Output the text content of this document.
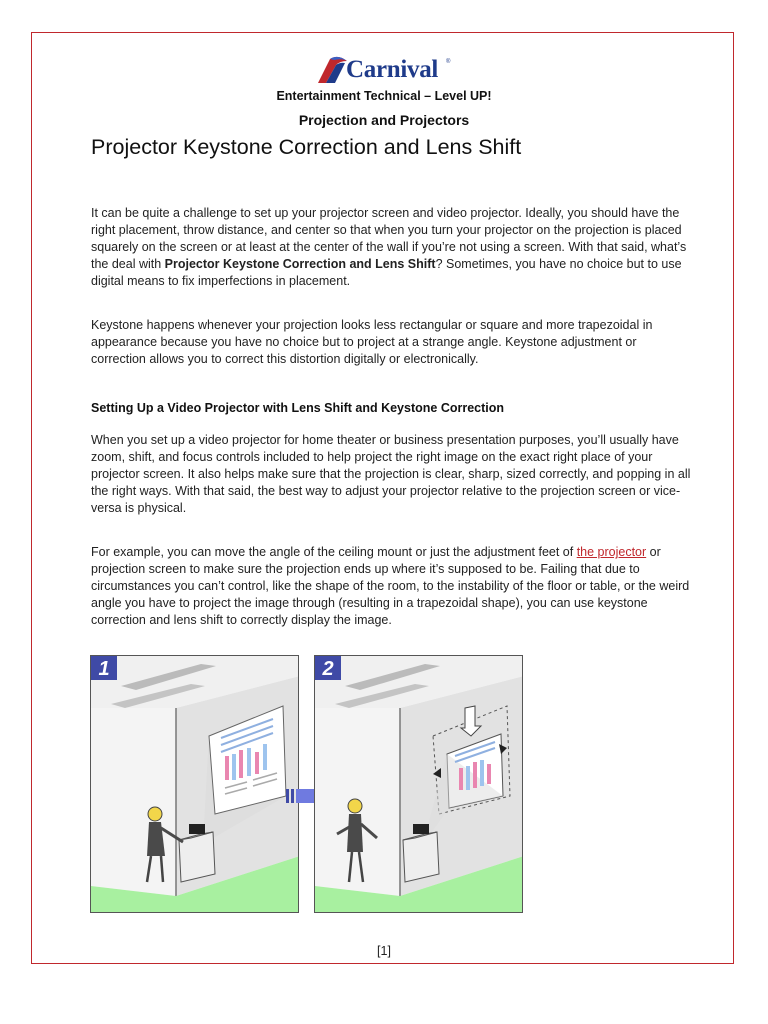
Carnival ®
Entertainment Technical – Level UP!
Projection and Projectors
Projector Keystone Correction and Lens Shift

It can be quite a challenge to set up your projector screen and video projector. Ideally, you should have the right placement, throw distance, and center so that when you turn your projector on the projection is placed squarely on the screen or at least at the center of the wall if you’re not using a screen. With that said, what’s the deal with Projector Keystone Correction and Lens Shift? Sometimes, you have no choice but to use digital means to fix imperfections in placement.

Keystone happens whenever your projection looks less rectangular or square and more trapezoidal in appearance because you have no choice but to project at a strange angle. Keystone adjustment or correction allows you to correct this distortion digitally or electronically.

Setting Up a Video Projector with Lens Shift and Keystone Correction

When you set up a video projector for home theater or business presentation purposes, you’ll usually have zoom, shift, and focus controls included to help project the right image on the exact right place of your projector screen. It also helps make sure that the projection is clear, sharp, sized correctly, and popping in all the right ways. With that said, the best way to adjust your projector relative to the projection screen or vice-versa is physical.

For example, you can move the angle of the ceiling mount or just the adjustment feet of the projector or projection screen to make sure the projection ends up where it’s supposed to be. Failing that due to circumstances you can’t control, like the shape of the room, to the instability of the floor or table, or the weird angle you have to project the image through (resulting in a trapezoidal shape), you can use keystone correction and lens shift to correctly display the image.

1	2
[1]
